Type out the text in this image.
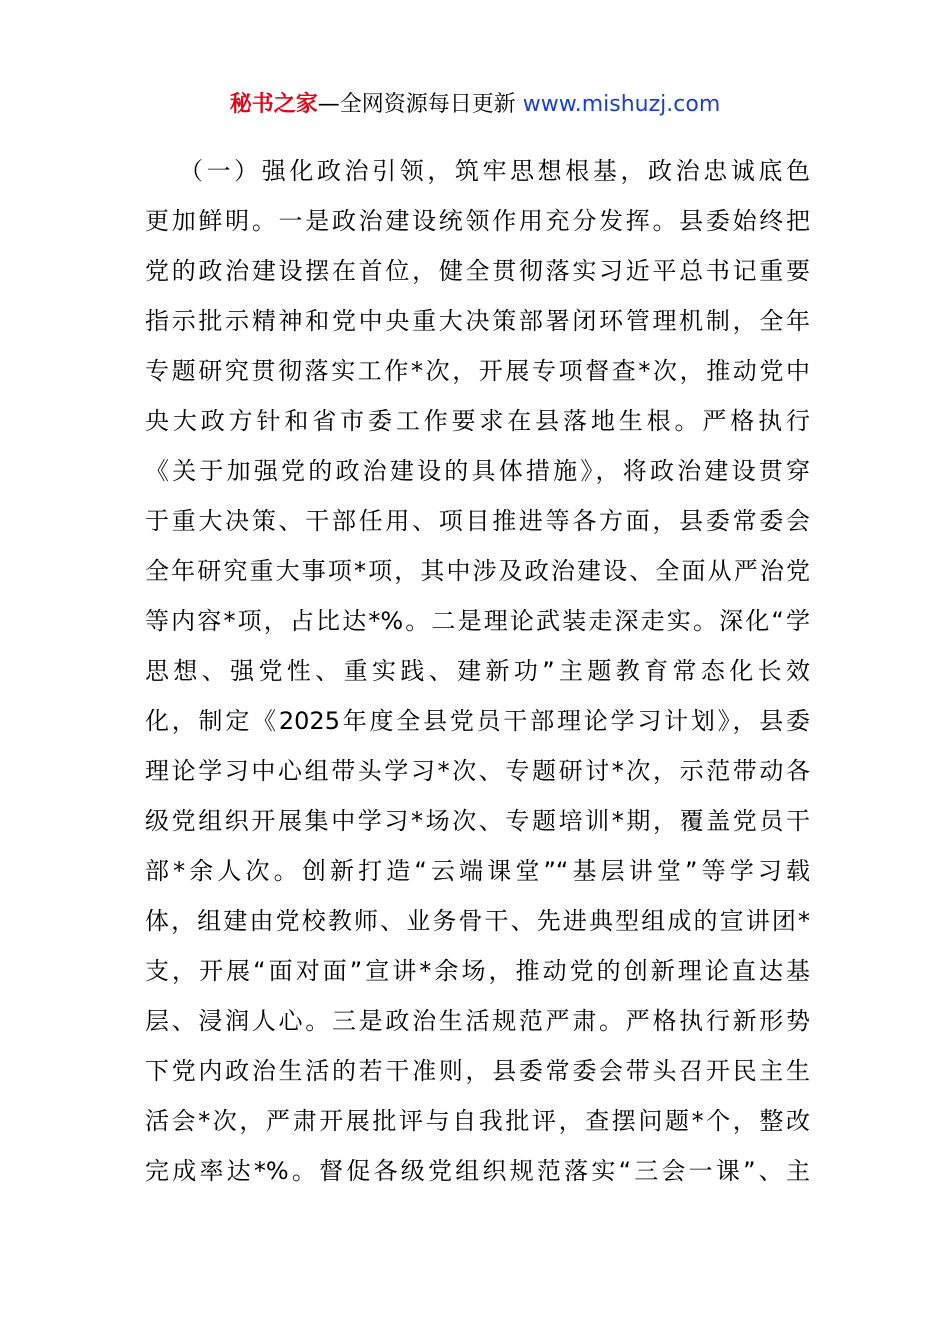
秘书之家—全网资源每日更新 www.mishuzj.com
（一）强化政治引领，筑牢思想根基，政治忠诚底色
更加鲜明。一是政治建设统领作用充分发挥。县委始终把
党的政治建设摆在首位，健全贯彻落实习近平总书记重要
指示批示精神和党中央重大决策部署闭环管理机制，全年
专题研究贯彻落实工作*次，开展专项督查*次，推动党中
央大政方针和省市委工作要求在县落地生根。严格执行
《关于加强党的政治建设的具体措施》，将政治建设贯穿
于重大决策、干部任用、项目推进等各方面，县委常委会
全年研究重大事项*项，其中涉及政治建设、全面从严治党
等内容*项，占比达*%。二是理论武装走深走实。深化“学
思想、强党性、重实践、建新功”主题教育常态化长效
化，制定《2025年度全县党员干部理论学习计划》，县委
理论学习中心组带头学习*次、专题研讨*次，示范带动各
级党组织开展集中学习*场次、专题培训*期，覆盖党员干
部*余人次。创新打造“云端课堂”“基层讲堂”等学习载
体，组建由党校教师、业务骨干、先进典型组成的宣讲团*
支，开展“面对面”宣讲*余场，推动党的创新理论直达基
层、浸润人心。三是政治生活规范严肃。严格执行新形势
下党内政治生活的若干准则，县委常委会带头召开民主生
活会*次，严肃开展批评与自我批评，查摆问题*个，整改
完成率达*%。督促各级党组织规范落实“三会一课”、主
